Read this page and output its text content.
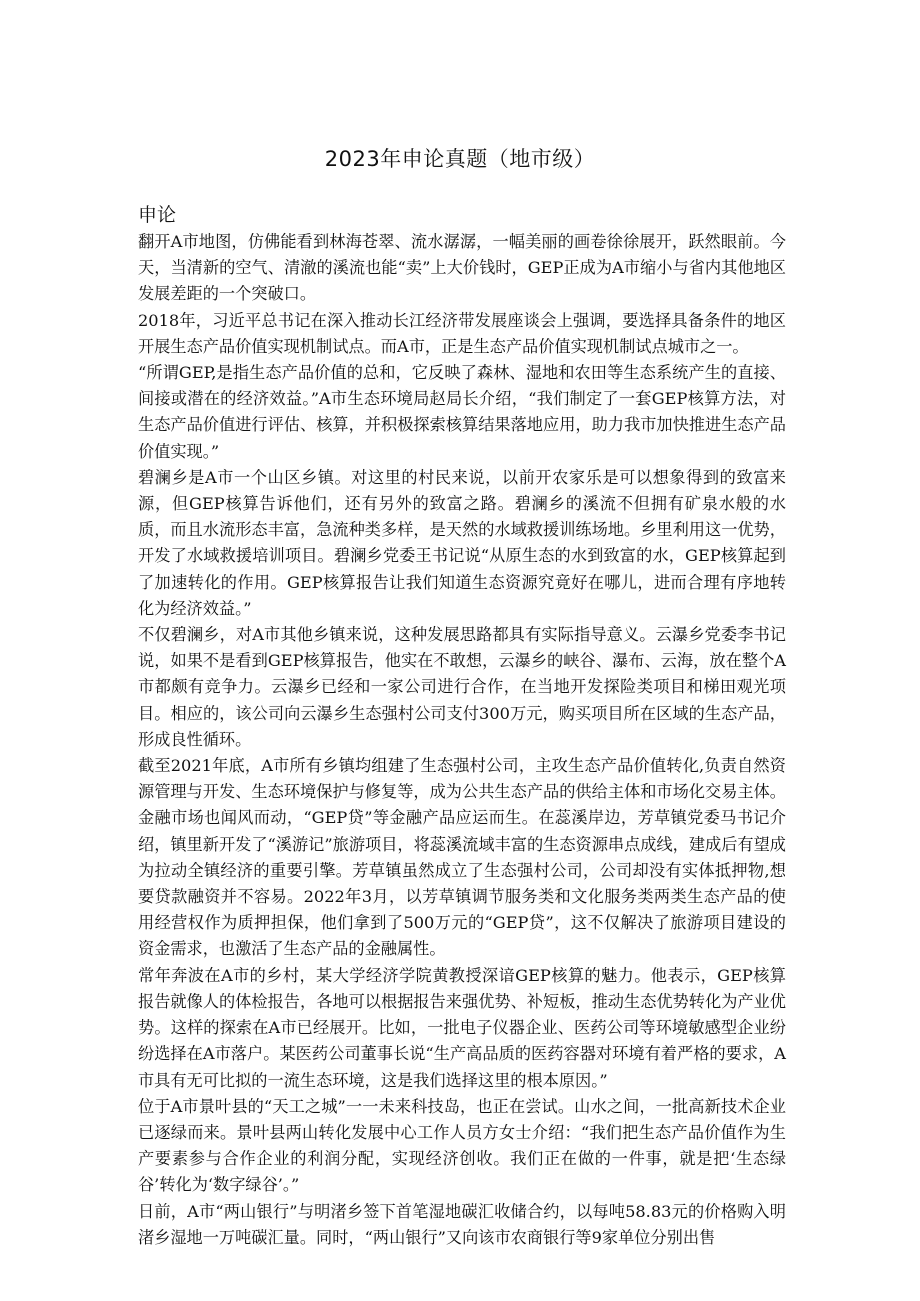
2023年申论真题（地市级）
申论

翻开A市地图，仿佛能看到林海苍翠、流水潺潺，一幅美丽的画卷徐徐展开，跃然眼前。今天，当清新的空气、清澈的溪流也能“卖”上大价钱时，GEP正成为A市缩小与省内其他地区发展差距的一个突破口。

2018年，习近平总书记在深入推动长江经济带发展座谈会上强调，要选择具备条件的地区开展生态产品价值实现机制试点。而A市，正是生态产品价值实现机制试点城市之一。

“所谓GEP,是指生态产品价值的总和，它反映了森林、湿地和农田等生态系统产生的直接、间接或潜在的经济效益。”A市生态环境局赵局长介绍，“我们制定了一套GEP核算方法，对生态产品价值进行评估、核算，并积极探索核算结果落地应用，助力我市加快推进生态产品价值实现。”

碧澜乡是A市一个山区乡镇。对这里的村民来说，以前开农家乐是可以想象得到的致富来源，但GEP核算告诉他们，还有另外的致富之路。碧澜乡的溪流不但拥有矿泉水般的水质，而且水流形态丰富，急流种类多样，是天然的水域救援训练场地。乡里利用这一优势，开发了水域救援培训项目。碧澜乡党委王书记说“从原生态的水到致富的水，GEP核算起到了加速转化的作用。GEP核算报告让我们知道生态资源究竟好在哪儿，进而合理有序地转化为经济效益。”

不仅碧澜乡，对A市其他乡镇来说，这种发展思路都具有实际指导意义。云瀑乡党委李书记说，如果不是看到GEP核算报告，他实在不敢想，云瀑乡的峡谷、瀑布、云海，放在整个A市都颇有竞争力。云瀑乡已经和一家公司进行合作，在当地开发探险类项目和梯田观光项目。相应的，该公司向云瀑乡生态强村公司支付300万元，购买项目所在区域的生态产品，形成良性循环。

截至2021年底，A市所有乡镇均组建了生态强村公司，主攻生态产品价值转化,负责自然资源管理与开发、生态环境保护与修复等，成为公共生态产品的供给主体和市场化交易主体。金融市场也闻风而动，“GEP贷”等金融产品应运而生。在蕊溪岸边，芳草镇党委马书记介绍，镇里新开发了“溪游记”旅游项目，将蕊溪流域丰富的生态资源串点成线，建成后有望成为拉动全镇经济的重要引擎。芳草镇虽然成立了生态强村公司，公司却没有实体抵押物,想要贷款融资并不容易。2022年3月，以芳草镇调节服务类和文化服务类两类生态产品的使用经营权作为质押担保，他们拿到了500万元的“GEP贷”，这不仅解决了旅游项目建设的资金需求，也激活了生态产品的金融属性。

常年奔波在A市的乡村，某大学经济学院黄教授深谙GEP核算的魅力。他表示，GEP核算报告就像人的体检报告，各地可以根据报告来强优势、补短板，推动生态优势转化为产业优势。这样的探索在A市已经展开。比如，一批电子仪器企业、医药公司等环境敏感型企业纷纷选择在A市落户。某医药公司董事长说“生产高品质的医药容器对环境有着严格的要求，A市具有无可比拟的一流生态环境，这是我们选择这里的根本原因。”

位于A市景叶县的“天工之城”一一未来科技岛，也正在尝试。山水之间，一批高新技术企业已逐绿而来。景叶县两山转化发展中心工作人员方女士介绍：“我们把生态产品价值作为生产要素参与合作企业的利润分配，实现经济创收。我们正在做的一件事，就是把‘生态绿谷’转化为‘数字绿谷’。”

日前，A市“两山银行”与明渚乡签下首笔湿地碳汇收储合约，以每吨58.83元的价格购入明渚乡湿地一万吨碳汇量。同时，“两山银行”又向该市农商银行等9家单位分别出售
